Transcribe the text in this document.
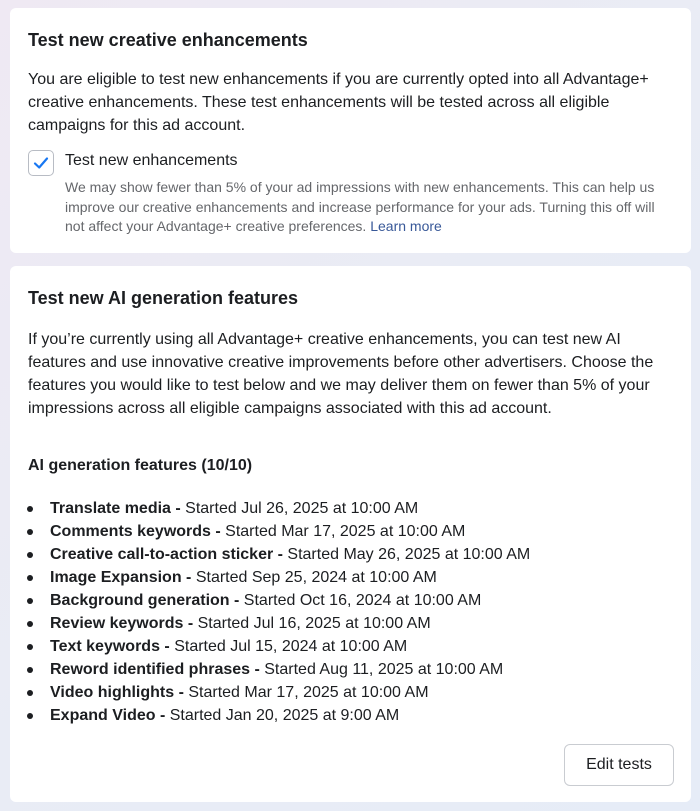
Test new creative enhancements
You are eligible to test new enhancements if you are currently opted into all Advantage+ creative enhancements. These test enhancements will be tested across all eligible campaigns for this ad account.
Test new enhancements
We may show fewer than 5% of your ad impressions with new enhancements. This can help us improve our creative enhancements and increase performance for your ads. Turning this off will not affect your Advantage+ creative preferences. Learn more
Test new AI generation features
If you’re currently using all Advantage+ creative enhancements, you can test new AI features and use innovative creative improvements before other advertisers. Choose the features you would like to test below and we may deliver them on fewer than 5% of your impressions across all eligible campaigns associated with this ad account.
AI generation features (10/10)
Translate media - Started Jul 26, 2025 at 10:00 AM
Comments keywords - Started Mar 17, 2025 at 10:00 AM
Creative call-to-action sticker - Started May 26, 2025 at 10:00 AM
Image Expansion - Started Sep 25, 2024 at 10:00 AM
Background generation - Started Oct 16, 2024 at 10:00 AM
Review keywords - Started Jul 16, 2025 at 10:00 AM
Text keywords - Started Jul 15, 2024 at 10:00 AM
Reword identified phrases - Started Aug 11, 2025 at 10:00 AM
Video highlights - Started Mar 17, 2025 at 10:00 AM
Expand Video - Started Jan 20, 2025 at 9:00 AM
Edit tests
